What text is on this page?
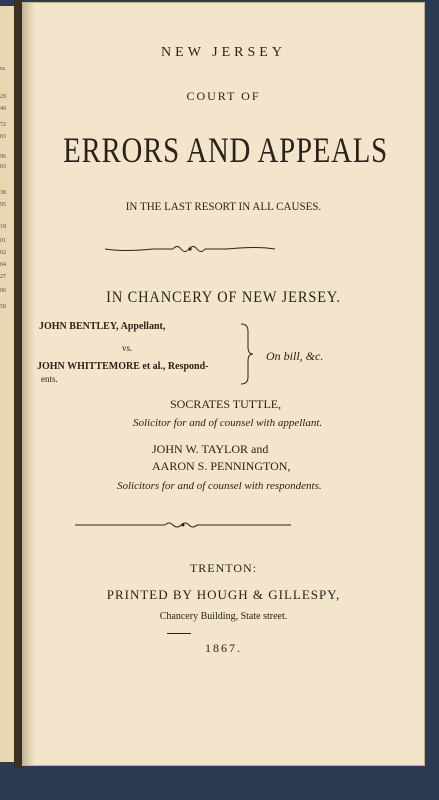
ra.
29
49
72
03
96
03
38
95
18
01
02
04
27
06
50
NEW JERSEY
COURT OF
ERRORS AND APPEALS
IN THE LAST RESORT IN ALL CAUSES.
IN CHANCERY OF NEW JERSEY.
JOHN BENTLEY, Appellant,
vs.
JOHN WHITTEMORE et al., Respond-
ents.
On bill, &c.
SOCRATES TUTTLE,
Solicitor for and of counsel with appellant.
JOHN W. TAYLOR and
AARON S. PENNINGTON,
Solicitors for and of counsel with respondents.
TRENTON:
PRINTED BY HOUGH & GILLESPY,
Chancery Building, State street.
1867.
